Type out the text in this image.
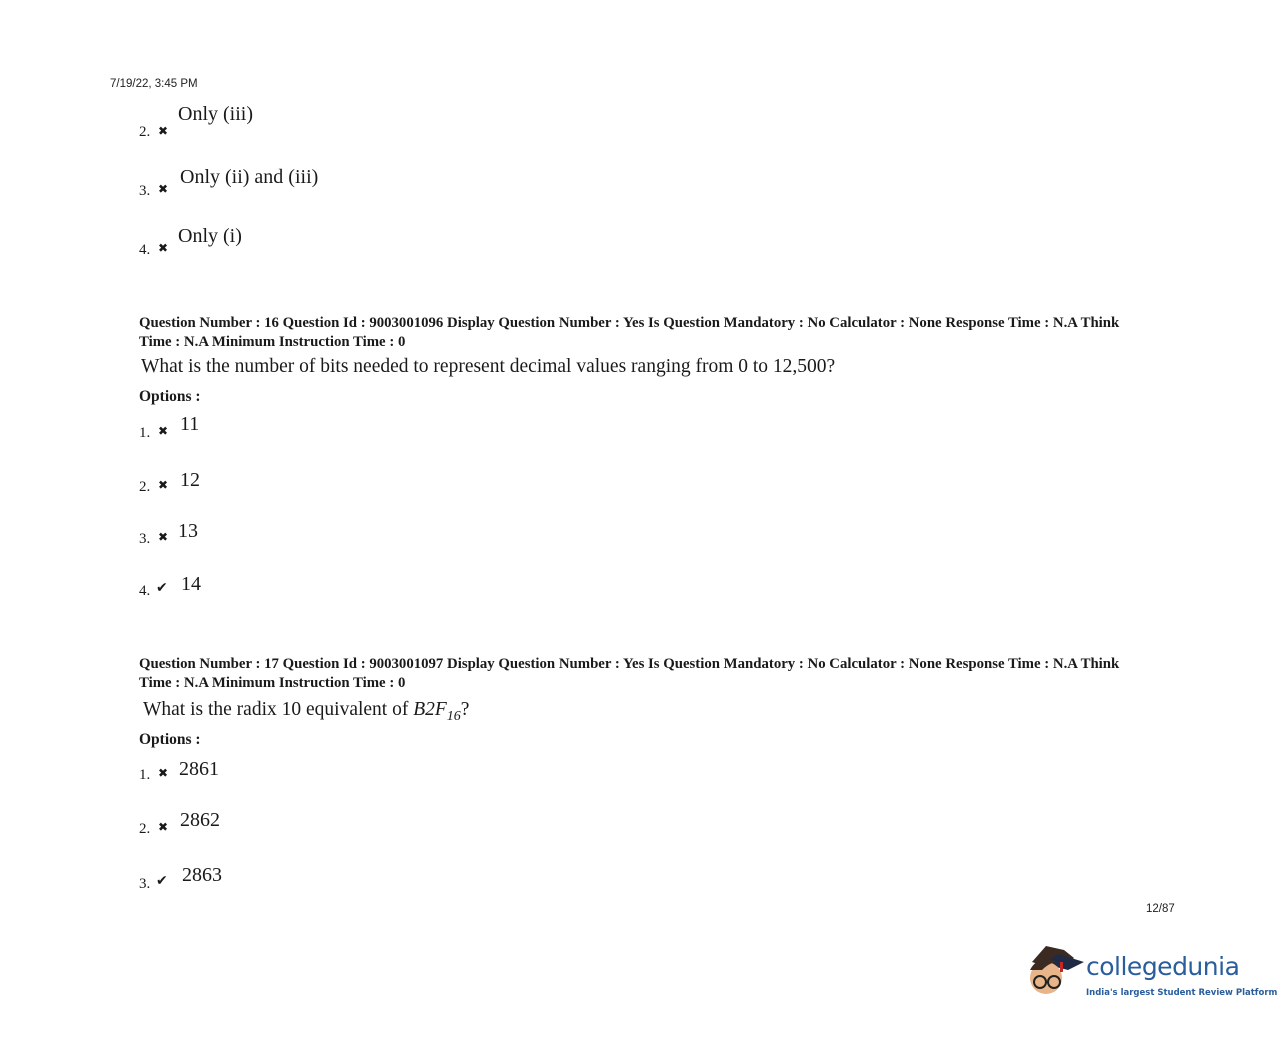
7/19/22, 3:45 PM
2. ✖
Only (iii)
3. ✖
Only (ii) and (iii)
4. ✖
Only (i)
Question Number : 16 Question Id : 9003001096 Display Question Number : Yes Is Question Mandatory : No Calculator : None Response Time : N.A Think Time : N.A Minimum Instruction Time : 0
What is the number of bits needed to represent decimal values ranging from 0 to 12,500?
Options :
1. ✖ 11
2. ✖ 12
3. ✖ 13
4. ✔ 14
Question Number : 17 Question Id : 9003001097 Display Question Number : Yes Is Question Mandatory : No Calculator : None Response Time : N.A Think Time : N.A Minimum Instruction Time : 0
What is the radix 10 equivalent of $B2F_{16}$?
Options :
1. ✖ 2861
2. ✖ 2862
3. ✔ 2863
12/87
collegedunia
India's largest Student Review Platform
